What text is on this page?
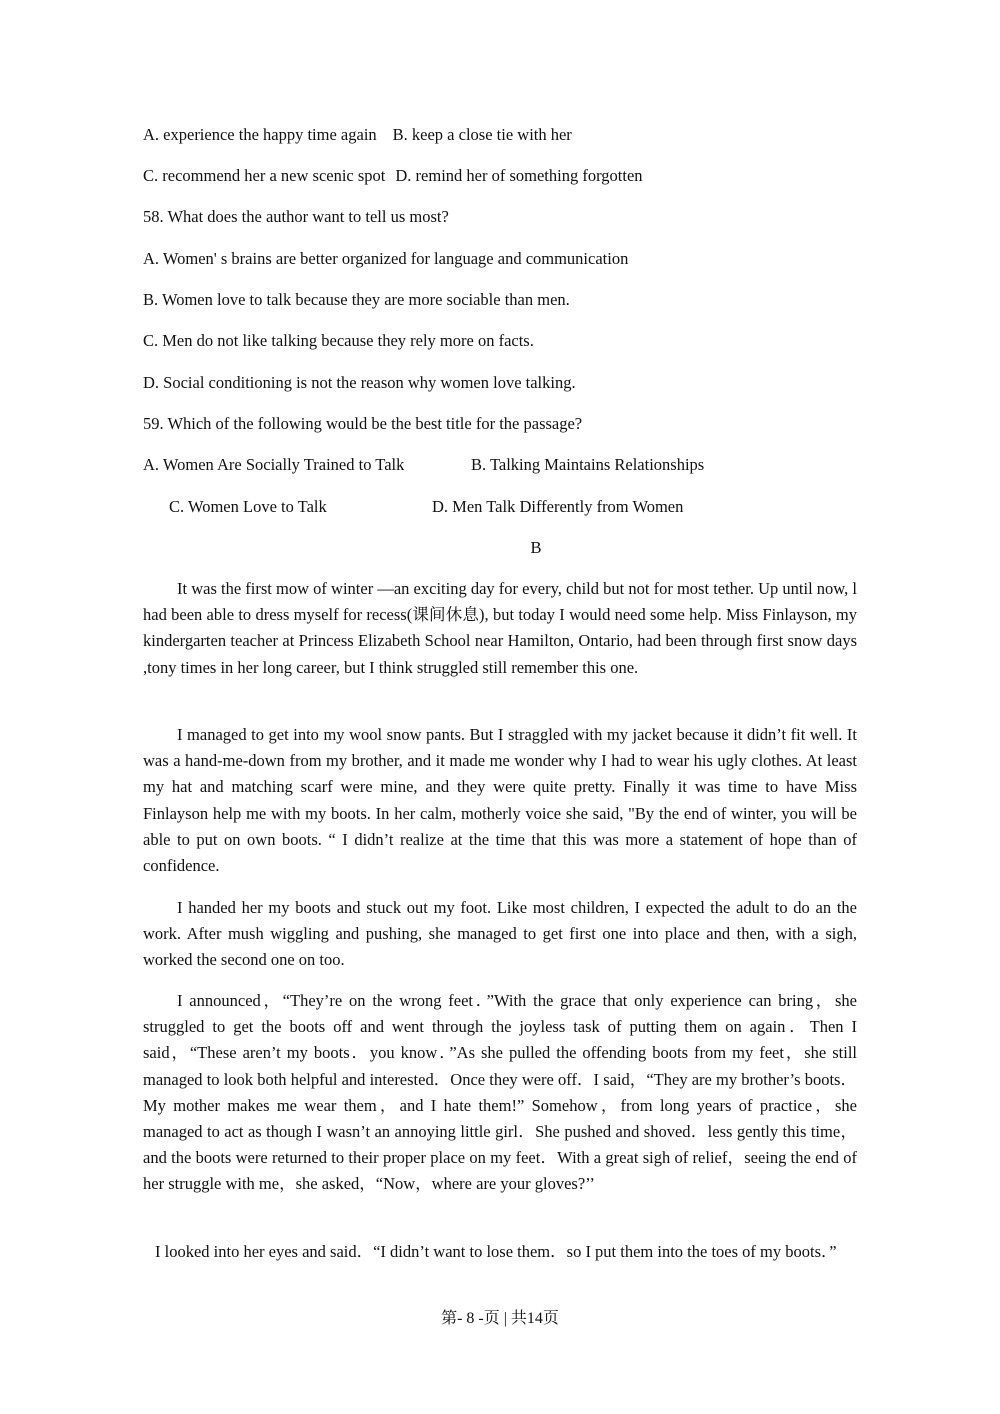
A. experience the happy time again B. keep a close tie with her
C. recommend her a new scenic spot D. remind her of something forgotten
58. What does the author want to tell us most?
A. Women' s brains are better organized for language and communication
B. Women love to talk because they are more sociable than men.
C. Men do not like talking because they rely more on facts.
D. Social conditioning is not the reason why women love talking.
59. Which of the following would be the best title for the passage?
A. Women Are Socially Trained to Talk	B. Talking Maintains Relationships
C. Women Love to Talk	D. Men Talk Differently from Women
B

It was the first mow of winter —an exciting day for every, child but not for most tether. Up until now, l had been able to dress myself for recess(课间休息), but today I would need some help. Miss Finlayson, my kindergarten teacher at Princess Elizabeth School near Hamilton, Ontario, had been through first snow days ,tony times in her long career, but I think struggled still remember this one.

I managed to get into my wool snow pants. But I straggled with my jacket because it didn’t fit well. It was a hand-me-down from my brother, and it made me wonder why I had to wear his ugly clothes. At least my hat and matching scarf were mine, and they were quite pretty. Finally it was time to have Miss Finlayson help me with my boots. In her calm, motherly voice she said, "By the end of winter, you will be able to put on own boots. “ I didn’t realize at the time that this was more a statement of hope than of confidence.

I handed her my boots and stuck out my foot. Like most children, I expected the adult to do an the work. After mush wiggling and pushing, she managed to get first one into place and then, with a sigh, worked the second one on too.

I announced，“They’re on the wrong feet．”With the grace that only experience can bring，she struggled to get the boots off and went through the joyless task of putting them on again．Then I said，“These aren’t my boots．you know．”As she pulled the offending boots from my feet，she still managed to look both helpful and interested．Once they were off．I said，“They are my brother’s boots．My mother makes me wear them，and I hate them!” Somehow，from long years of practice，she managed to act as though I wasn’t an annoying little girl．She pushed and shoved．less gently this time，and the boots were returned to their proper place on my feet．With a great sigh of relief，seeing the end of her struggle with me，she asked，“Now，where are your gloves?’’

I looked into her eyes and said．“I didn’t want to lose them．so I put them into the toes of my boots．”

第- 8 -页 | 共14页
